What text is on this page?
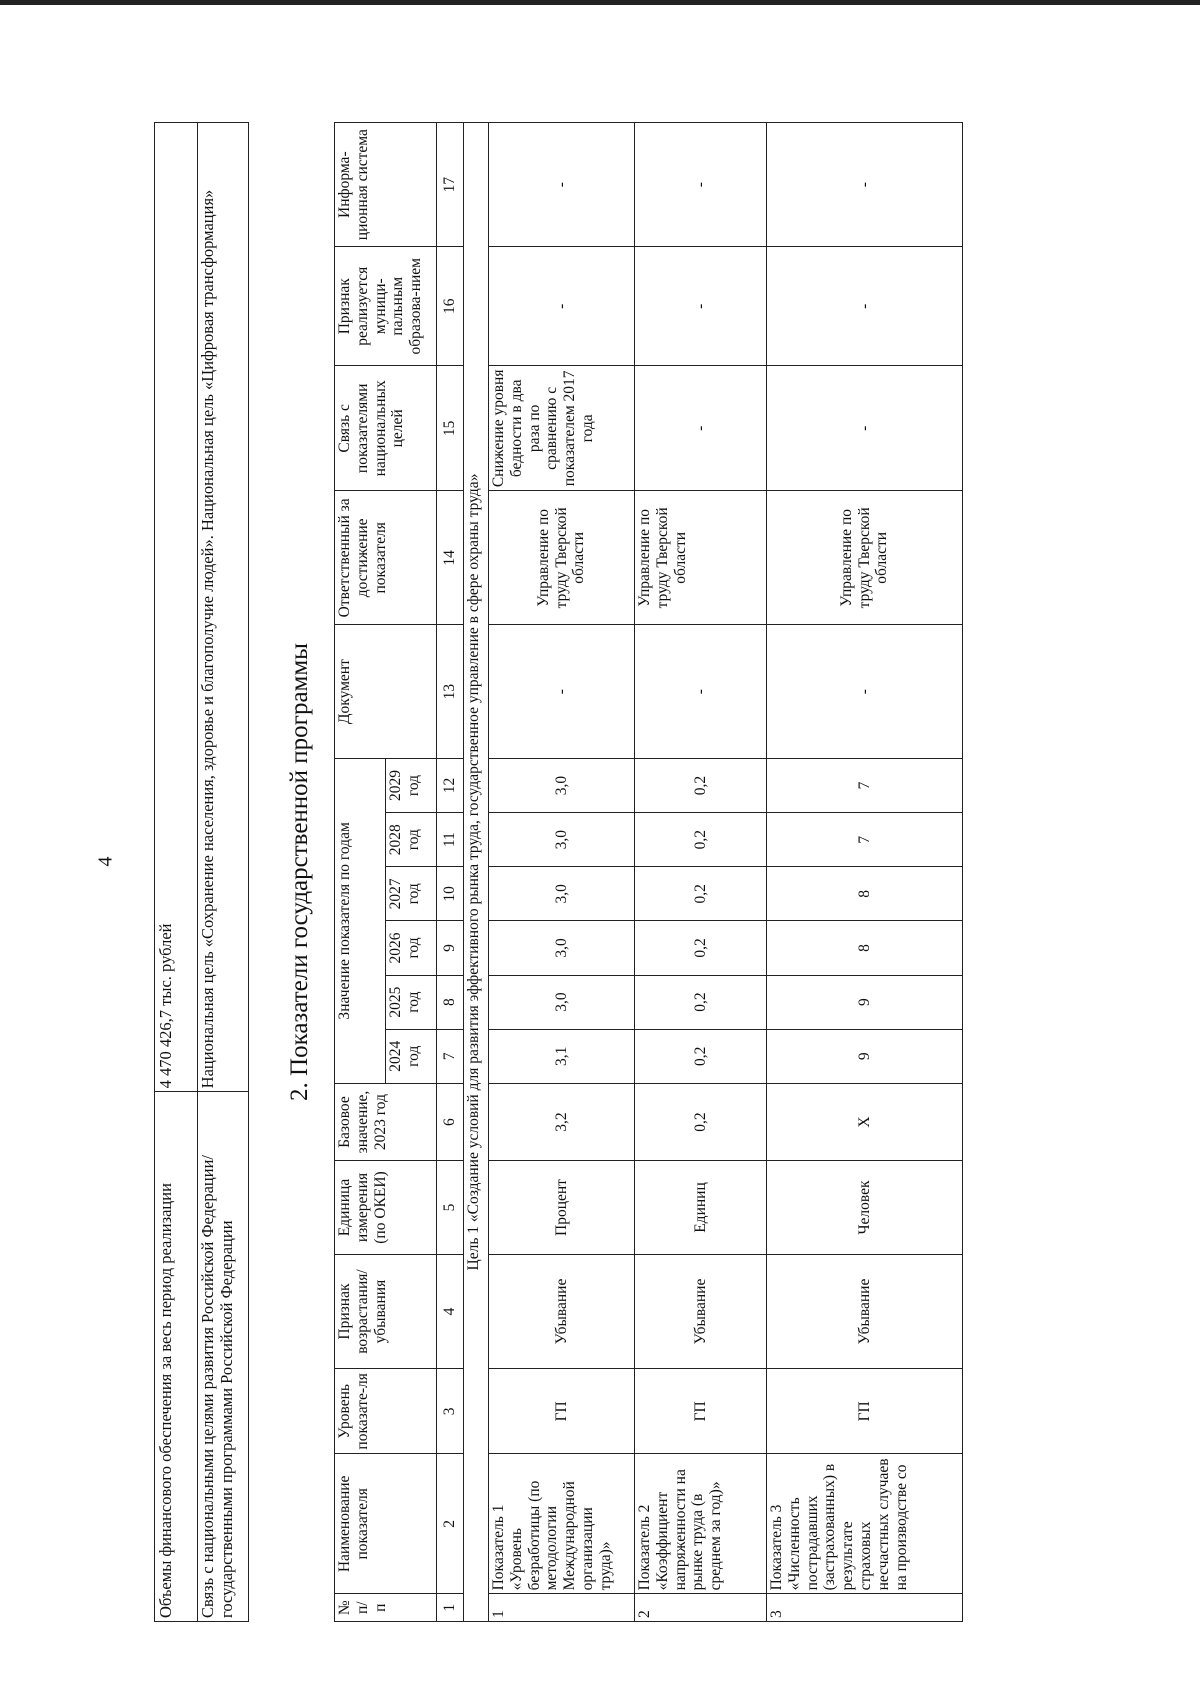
4
Объемы финансового обеспечения за весь период реализации	4 470 426,7 тыс. рублей
Связь с национальными целями развития Российской Федерации/ государственными программами Российской Федерации	Национальная цель «Сохранение населения, здоровье и благополучие людей». Национальная цель «Цифровая трансформация»	2. Показатели государственной программы
№ п/п	Наименование показателя	Уровень показате-ля	Признак возрастания/ убывания	Единица измерения (по ОКЕИ)	Базовое значение, 2023 год	Значение показателя по годам						Документ	Ответственный за достижение показателя	Связь с показателями национальных целей	Признак реализуется муници-пальным образова-нием	Информа-ционная система
						2024 год	2025 год	2026 год	2027 год	2028 год	2029 год					
1	2	3	4	5	6	7	8	9	10	11	12	13	14	15	16	17
Цель 1 «Создание условий для развития эффективного рынка труда, государственное управление в сфере охраны труда»																
1	Показатель 1 «Уровень безработицы (по методологии Международной организации труда)»	ГП	Убывание	Процент	3,2	3,1	3,0	3,0	3,0	3,0	3,0	-	Управление по труду Тверской области	Снижение уровня бедности в два раза по сравнению с показателем 2017 года	-	-
2	Показатель 2 «Коэффициент напряженности на рынке труда (в среднем за год)»	ГП	Убывание	Единиц	0,2	0,2	0,2	0,2	0,2	0,2	0,2	-	Управление по труду Тверской области	-	-	-
3	Показатель 3 «Численность пострадавших (застрахованных) в результате страховых несчастных случаев на производстве со	ГП	Убывание	Человек	X	9	9	8	8	7	7	-	Управление по труду Тверской области	-	-	-
